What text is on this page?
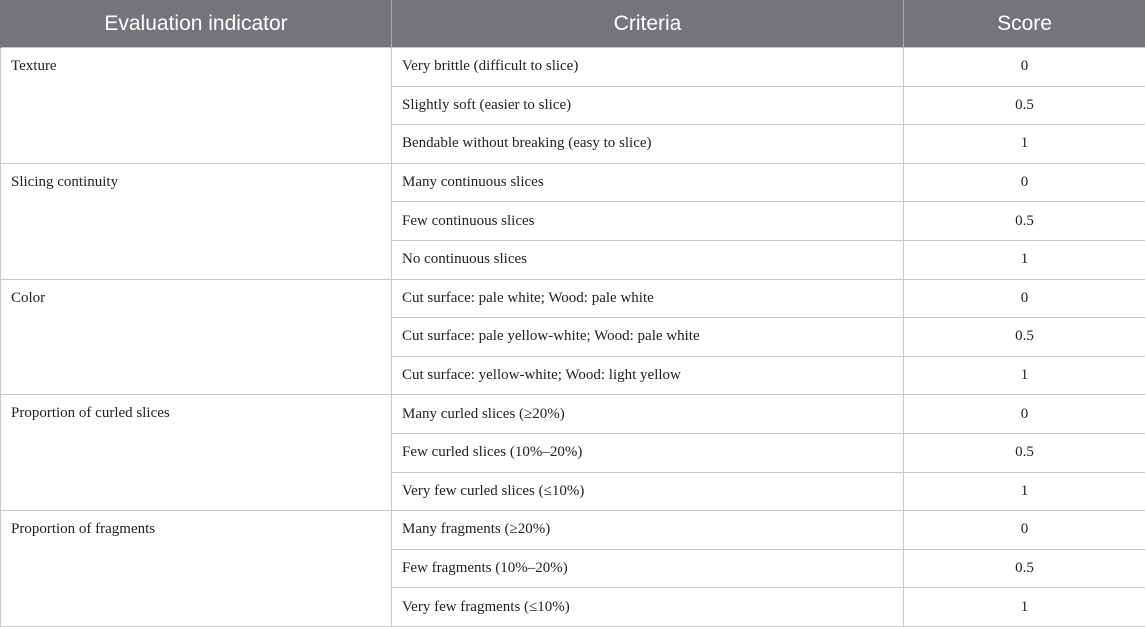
Evaluation indicator	Criteria	Score
Texture	Very brittle (difficult to slice)	0
	Slightly soft (easier to slice)	0.5
	Bendable without breaking (easy to slice)	1
Slicing continuity	Many continuous slices	0
	Few continuous slices	0.5
	No continuous slices	1
Color	Cut surface: pale white; Wood: pale white	0
	Cut surface: pale yellow-white; Wood: pale white	0.5
	Cut surface: yellow-white; Wood: light yellow	1
Proportion of curled slices	Many curled slices (≥20%)	0
	Few curled slices (10%–20%)	0.5
	Very few curled slices (≤10%)	1
Proportion of fragments	Many fragments (≥20%)	0
	Few fragments (10%–20%)	0.5
	Very few fragments (≤10%)	1
